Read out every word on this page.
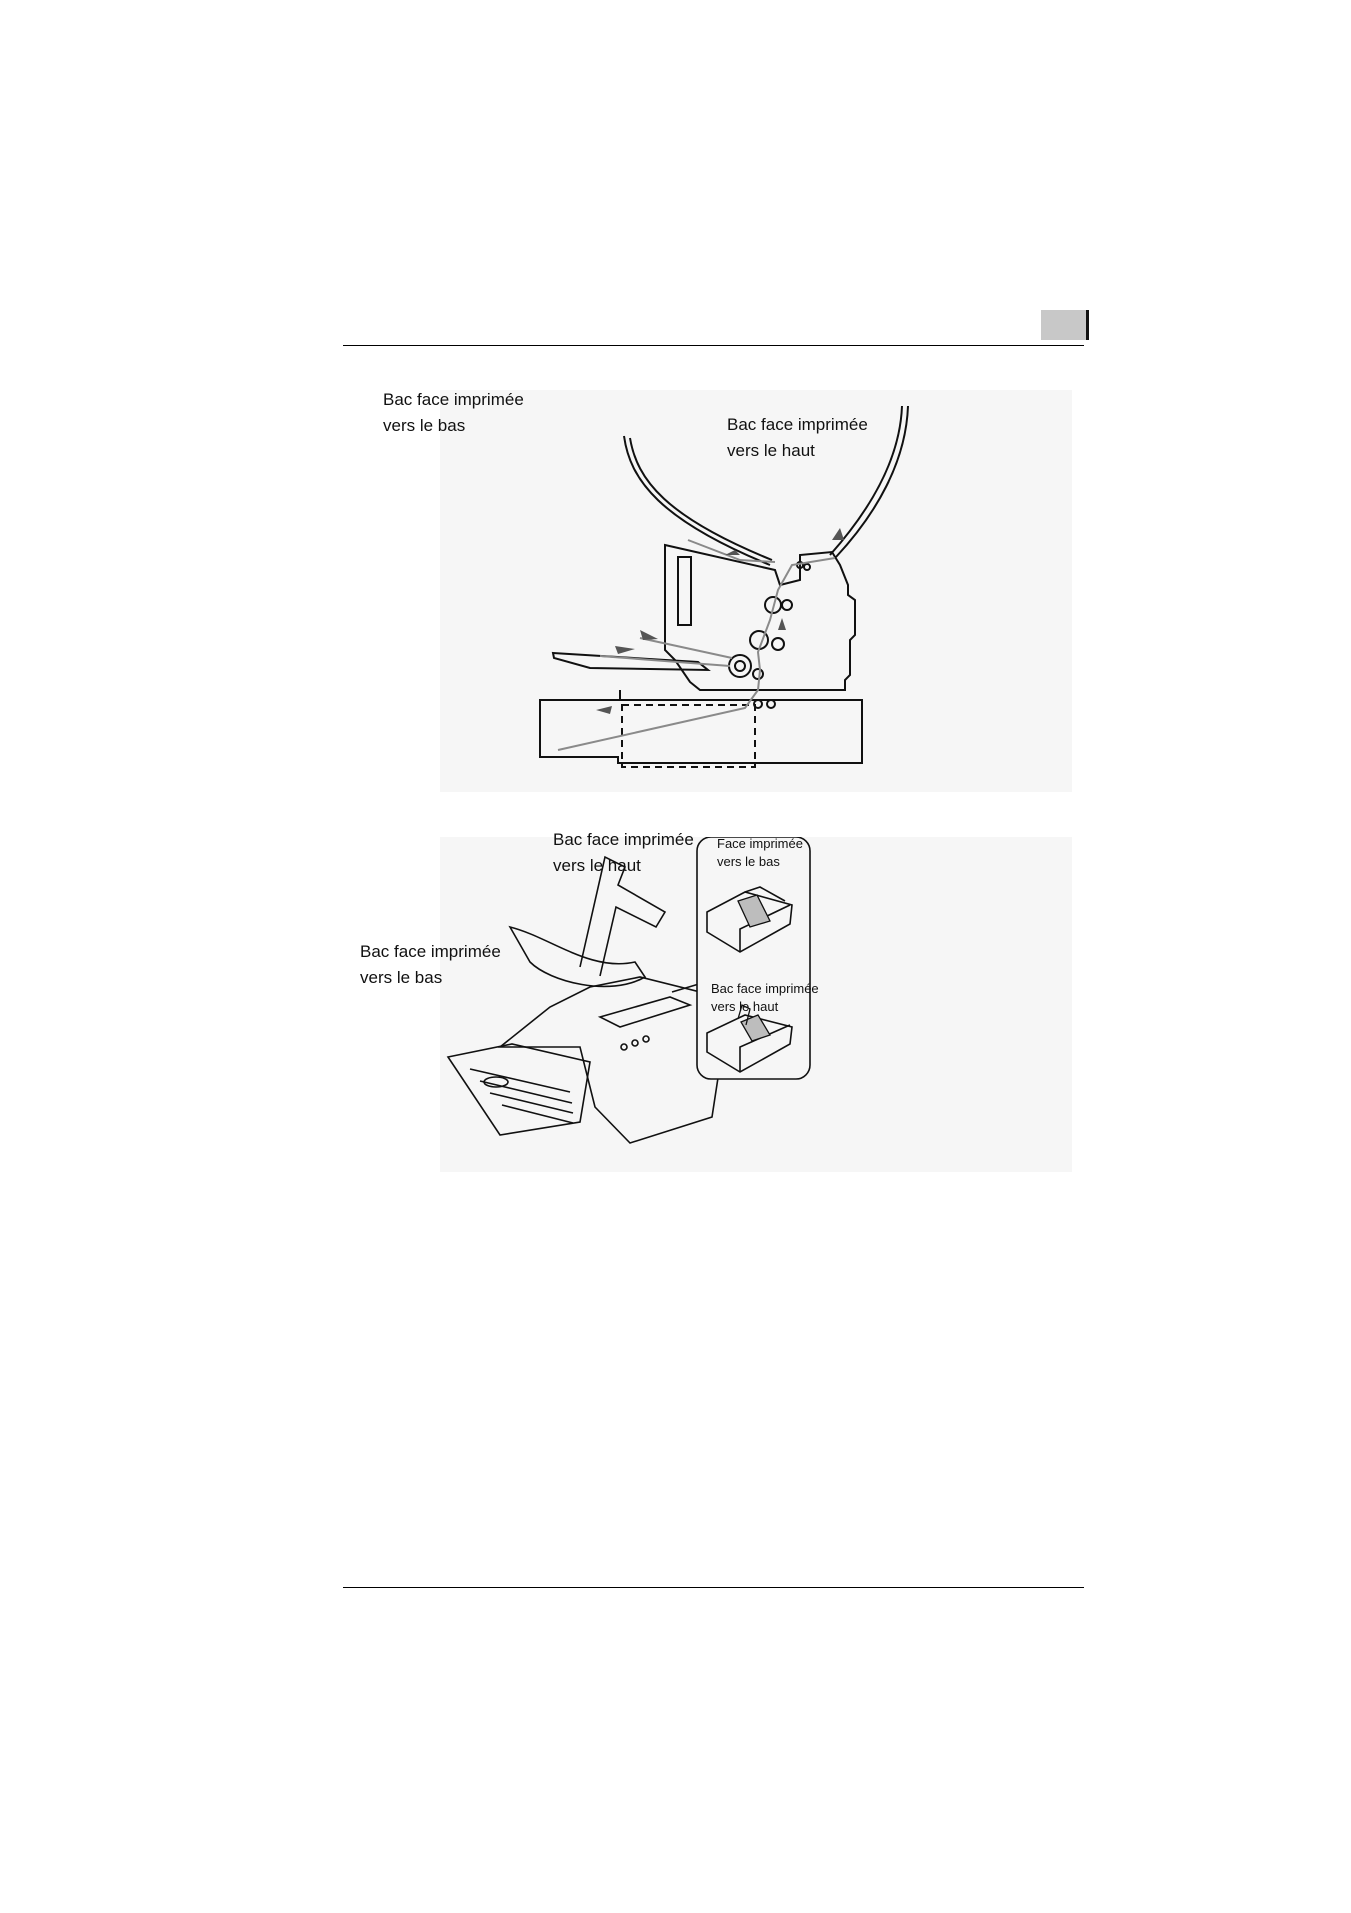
Bac face imprimée
vers le bas	Bac face imprimée
vers le haut
Bac face imprimée
vers le haut
Bac face imprimée
vers le bas
Face imprimée
vers le bas
Bac face imprimée
vers le haut
